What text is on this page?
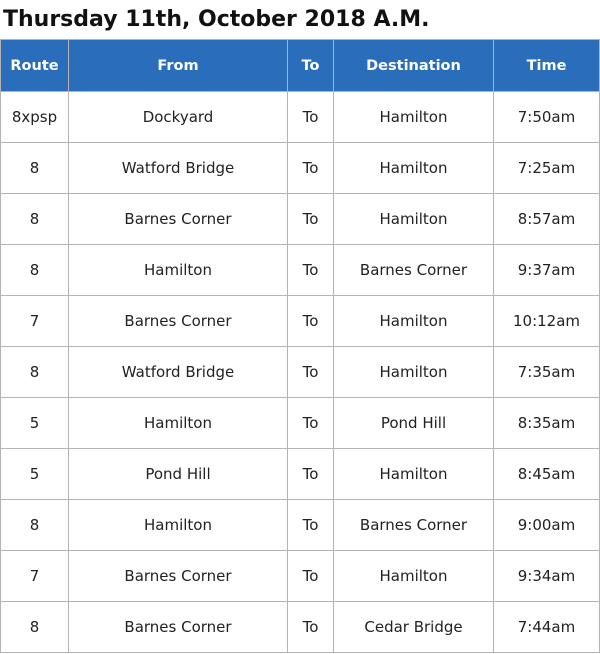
Thursday 11th, October 2018 A.M.
Route	From	To	Destination	Time
8xpsp	Dockyard	To	Hamilton	7:50am
8	Watford Bridge	To	Hamilton	7:25am
8	Barnes Corner	To	Hamilton	8:57am
8	Hamilton	To	Barnes Corner	9:37am
7	Barnes Corner	To	Hamilton	10:12am
8	Watford Bridge	To	Hamilton	7:35am
5	Hamilton	To	Pond Hill	8:35am
5	Pond Hill	To	Hamilton	8:45am
8	Hamilton	To	Barnes Corner	9:00am
7	Barnes Corner	To	Hamilton	9:34am
8	Barnes Corner	To	Cedar Bridge	7:44am
